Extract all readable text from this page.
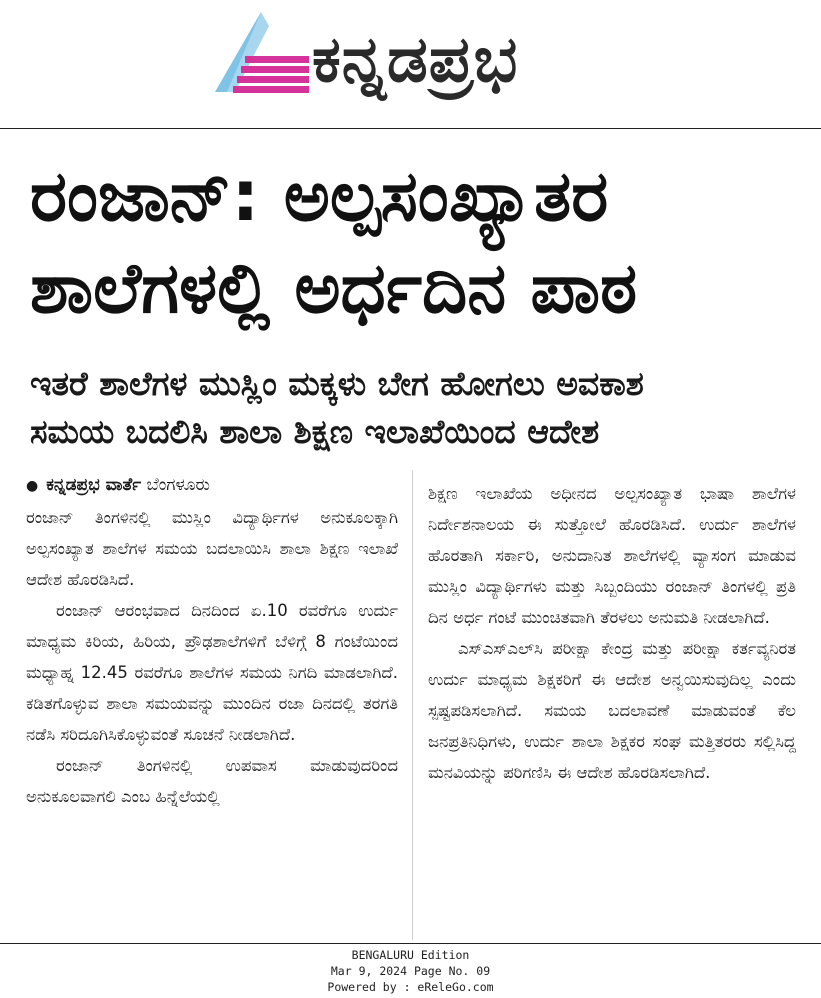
ಕನ್ನಡಪ್ರಭ
ರಂಜಾನ್: ಅಲ್ಪಸಂಖ್ಯಾತರ
ಶಾಲೆಗಳಲ್ಲಿ ಅರ್ಧದಿನ ಪಾಠ
ಇತರೆ ಶಾಲೆಗಳ ಮುಸ್ಲಿಂ ಮಕ್ಕಳು ಬೇಗ ಹೋಗಲು ಅವಕಾಶ
ಸಮಯ ಬದಲಿಸಿ ಶಾಲಾ ಶಿಕ್ಷಣ ಇಲಾಖೆಯಿಂದ ಆದೇಶ

● ಕನ್ನಡಪ್ರಭ ವಾರ್ತೆ ಬೆಂಗಳೂರು

ರಂಜಾನ್ ತಿಂಗಳಿನಲ್ಲಿ ಮುಸ್ಲಿಂ ವಿದ್ಯಾರ್ಥಿಗಳ ಅನುಕೂಲಕ್ಕಾಗಿ ಅಲ್ಪಸಂಖ್ಯಾತ ಶಾಲೆಗಳ ಸಮಯ ಬದಲಾಯಿಸಿ ಶಾಲಾ ಶಿಕ್ಷಣ ಇಲಾಖೆ ಆದೇಶ ಹೊರಡಿಸಿದೆ.

ರಂಜಾನ್ ಆರಂಭವಾದ ದಿನದಿಂದ ಏ.10 ರವರೆಗೂ ಉರ್ದು ಮಾಧ್ಯಮ ಕಿರಿಯ, ಹಿರಿಯ, ಪ್ರೌಢಶಾಲೆಗಳಿಗೆ ಬೆಳಿಗ್ಗೆ 8 ಗಂಟೆಯಿಂದ ಮಧ್ಯಾಹ್ನ 12.45 ರವರೆಗೂ ಶಾಲೆಗಳ ಸಮಯ ನಿಗದಿ ಮಾಡಲಾಗಿದೆ. ಕಡಿತಗೊಳ್ಳುವ ಶಾಲಾ ಸಮಯವನ್ನು ಮುಂದಿನ ರಜಾ ದಿನದಲ್ಲಿ ತರಗತಿ ನಡೆಸಿ ಸರಿದೂಗಿಸಿಕೊಳ್ಳುವಂತೆ ಸೂಚನೆ ನೀಡಲಾಗಿದೆ.

ರಂಜಾನ್ ತಿಂಗಳಿನಲ್ಲಿ ಉಪವಾಸ ಮಾಡುವುದರಿಂದ ಅನುಕೂಲವಾಗಲಿ ಎಂಬ ಹಿನ್ನೆಲೆಯಲ್ಲಿ

ಶಿಕ್ಷಣ ಇಲಾಖೆಯ ಅಧೀನದ ಅಲ್ಪಸಂಖ್ಯಾತ ಭಾಷಾ ಶಾಲೆಗಳ ನಿರ್ದೇಶನಾಲಯ ಈ ಸುತ್ತೋಲೆ ಹೊರಡಿಸಿದೆ. ಉರ್ದು ಶಾಲೆಗಳ ಹೊರತಾಗಿ ಸರ್ಕಾರಿ, ಅನುದಾನಿತ ಶಾಲೆಗಳಲ್ಲಿ ವ್ಯಾಸಂಗ ಮಾಡುವ ಮುಸ್ಲಿಂ ವಿದ್ಯಾರ್ಥಿಗಳು ಮತ್ತು ಸಿಬ್ಬಂದಿಯು ರಂಜಾನ್ ತಿಂಗಳಲ್ಲಿ ಪ್ರತಿ ದಿನ ಅರ್ಧ ಗಂಟೆ ಮುಂಚಿತವಾಗಿ ತೆರಳಲು ಅನುಮತಿ ನೀಡಲಾಗಿದೆ.

ಎಸ್ಎಸ್ಎಲ್‌ಸಿ ಪರೀಕ್ಷಾ ಕೇಂದ್ರ ಮತ್ತು ಪರೀಕ್ಷಾ ಕರ್ತವ್ಯನಿರತ ಉರ್ದು ಮಾಧ್ಯಮ ಶಿಕ್ಷಕರಿಗೆ ಈ ಆದೇಶ ಅನ್ವಯಿಸುವುದಿಲ್ಲ ಎಂದು ಸ್ಪಷ್ಟಪಡಿಸಲಾಗಿದೆ. ಸಮಯ ಬದಲಾವಣೆ ಮಾಡುವಂತೆ ಕೆಲ ಜನಪ್ರತಿನಿಧಿಗಳು, ಉರ್ದು ಶಾಲಾ ಶಿಕ್ಷಕರ ಸಂಘ ಮತ್ತಿತರರು ಸಲ್ಲಿಸಿದ್ದ ಮನವಿಯನ್ನು ಪರಿಗಣಿಸಿ ಈ ಆದೇಶ ಹೊರಡಿಸಲಾಗಿದೆ.

BENGALURU Edition
Mar 9, 2024 Page No. 09
Powered by : eReleGo.com
